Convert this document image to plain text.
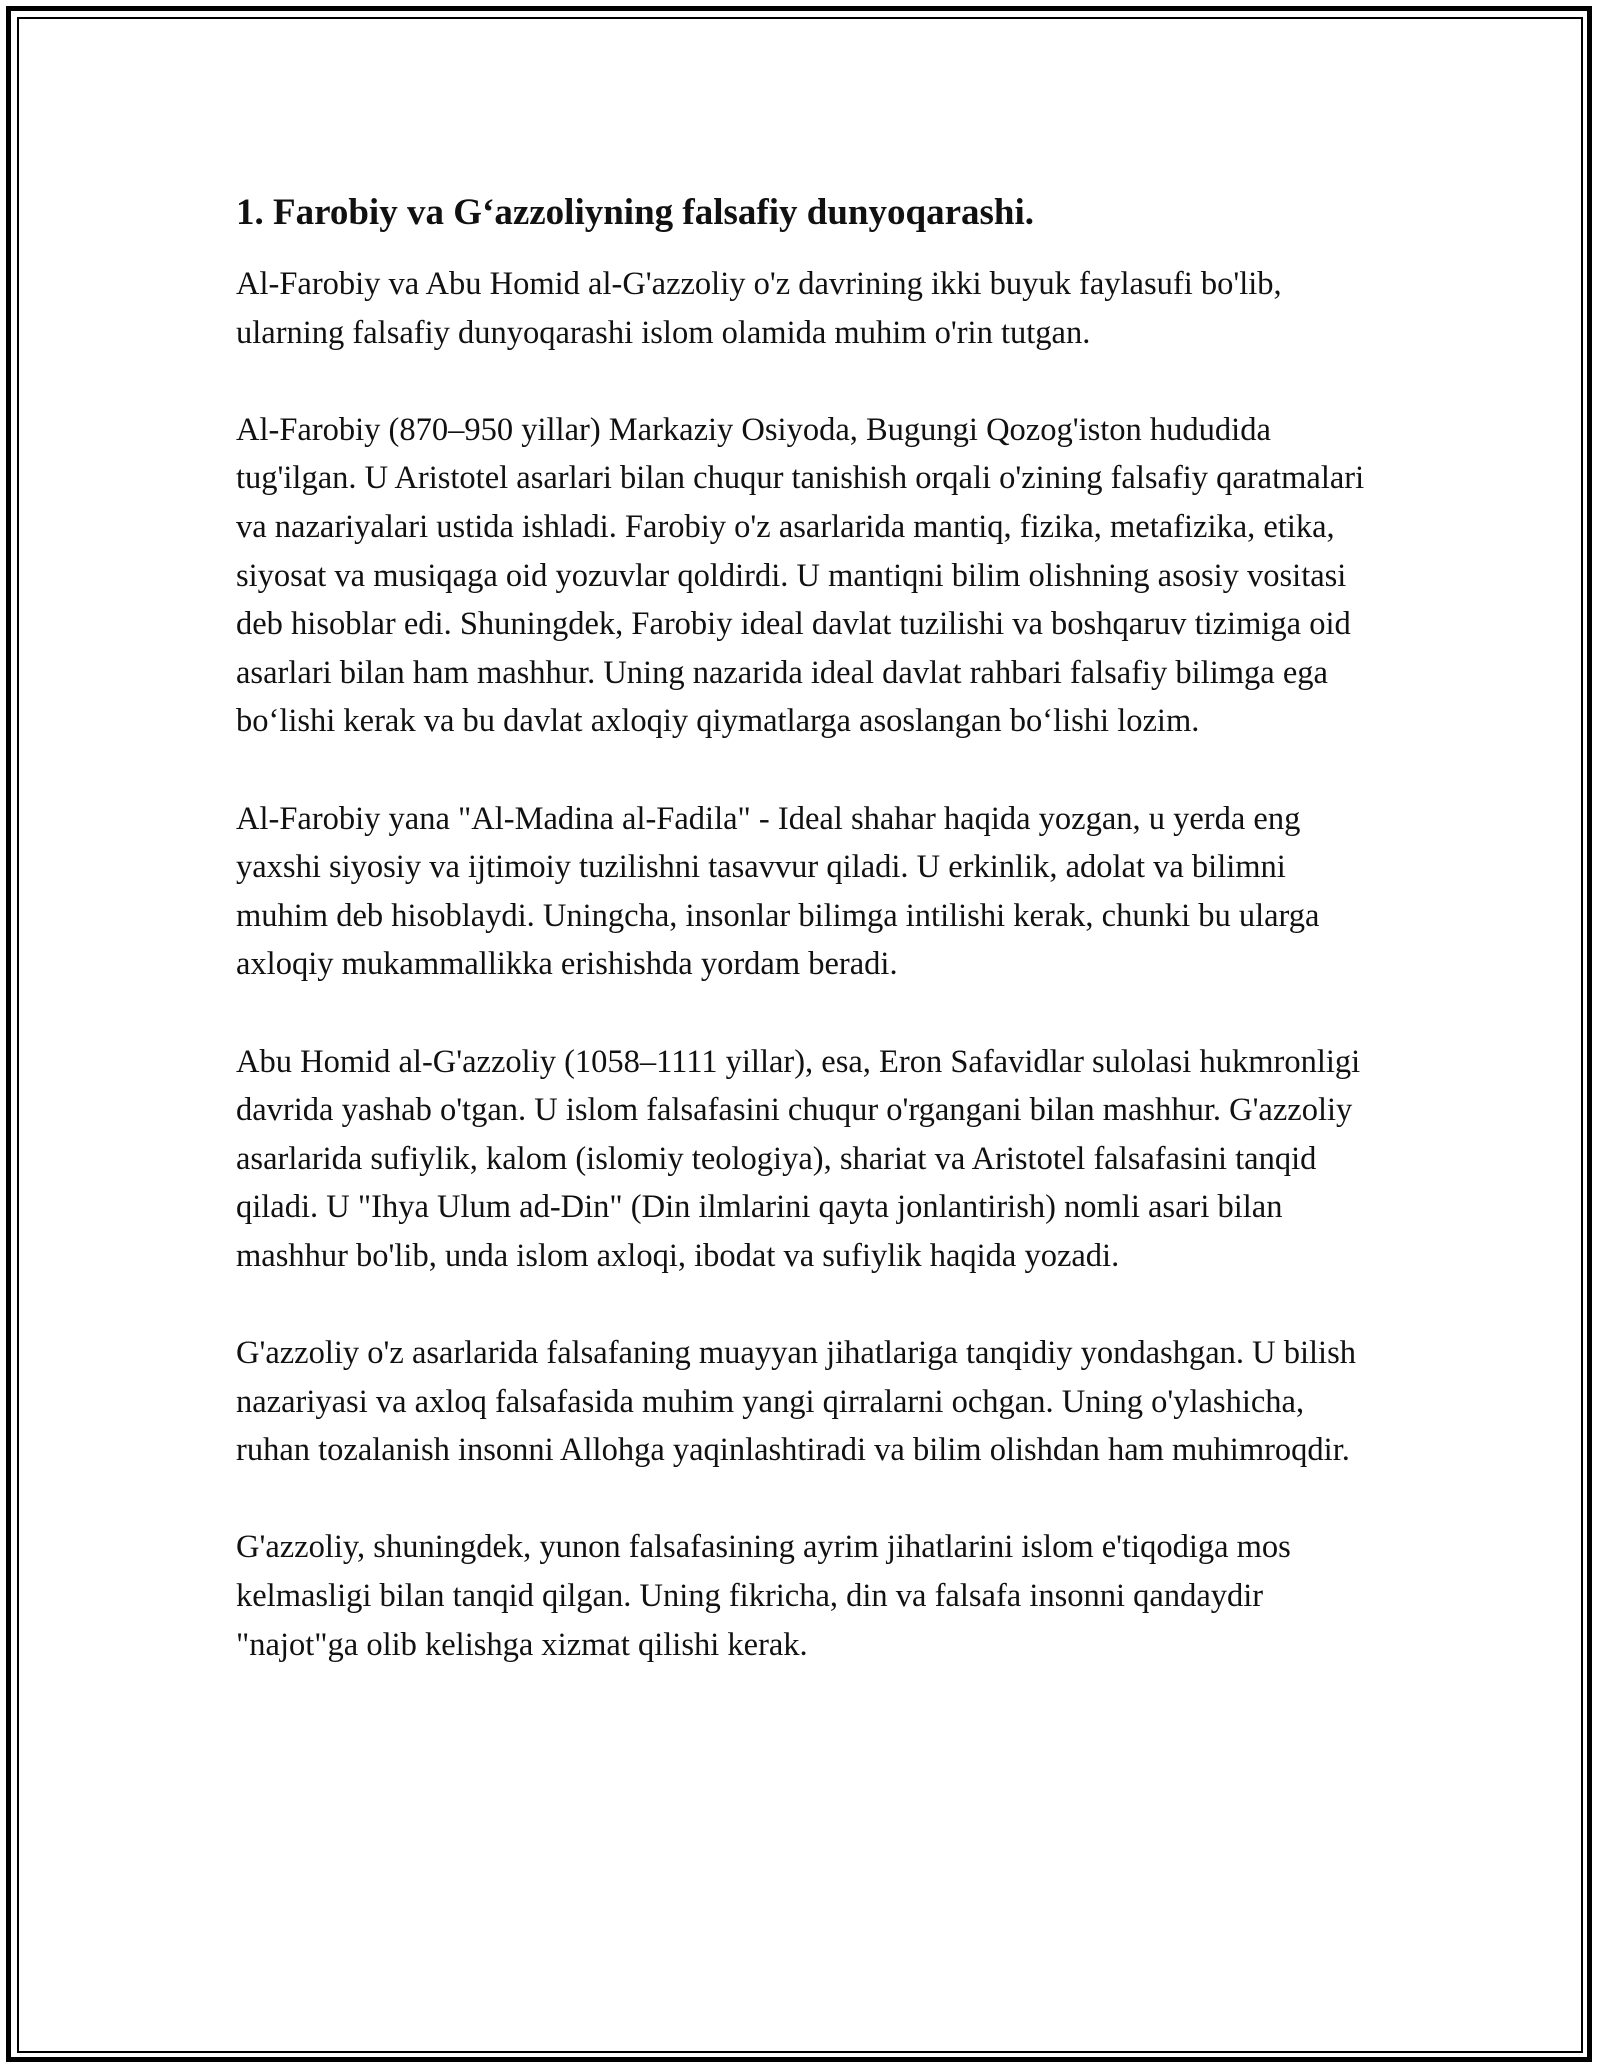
1. Farobiy va G‘azzoliyning falsafiy dunyoqarashi.

Al-Farobiy va Abu Homid al-G'azzoliy o'z davrining ikki buyuk faylasufi bo'lib, ularning falsafiy dunyoqarashi islom olamida muhim o'rin tutgan.

Al-Farobiy (870–950 yillar) Markaziy Osiyoda, Bugungi Qozog'iston hududida tug'ilgan. U Aristotel asarlari bilan chuqur tanishish orqali o'zining falsafiy qaratmalari va nazariyalari ustida ishladi. Farobiy o'z asarlarida mantiq, fizika, metafizika, etika, siyosat va musiqaga oid yozuvlar qoldirdi. U mantiqni bilim olishning asosiy vositasi deb hisoblar edi. Shuningdek, Farobiy ideal davlat tuzilishi va boshqaruv tizimiga oid asarlari bilan ham mashhur. Uning nazarida ideal davlat rahbari falsafiy bilimga ega bo‘lishi kerak va bu davlat axloqiy qiymatlarga asoslangan bo‘lishi lozim.

Al-Farobiy yana "Al-Madina al-Fadila" - Ideal shahar haqida yozgan, u yerda eng yaxshi siyosiy va ijtimoiy tuzilishni tasavvur qiladi. U erkinlik, adolat va bilimni muhim deb hisoblaydi. Uningcha, insonlar bilimga intilishi kerak, chunki bu ularga axloqiy mukammallikka erishishda yordam beradi.

Abu Homid al-G'azzoliy (1058–1111 yillar), esa, Eron Safavidlar sulolasi hukmronligi davrida yashab o'tgan. U islom falsafasini chuqur o'rgangani bilan mashhur. G'azzoliy asarlarida sufiylik, kalom (islomiy teologiya), shariat va Aristotel falsafasini tanqid qiladi. U "Ihya Ulum ad-Din" (Din ilmlarini qayta jonlantirish) nomli asari bilan mashhur bo'lib, unda islom axloqi, ibodat va sufiylik haqida yozadi.

G'azzoliy o'z asarlarida falsafaning muayyan jihatlariga tanqidiy yondashgan. U bilish nazariyasi va axloq falsafasida muhim yangi qirralarni ochgan. Uning o'ylashicha, ruhan tozalanish insonni Allohga yaqinlashtiradi va bilim olishdan ham muhimroqdir.

G'azzoliy, shuningdek, yunon falsafasining ayrim jihatlarini islom e'tiqodiga mos kelmasligi bilan tanqid qilgan. Uning fikricha, din va falsafa insonni qandaydir "najot"ga olib kelishga xizmat qilishi kerak.
